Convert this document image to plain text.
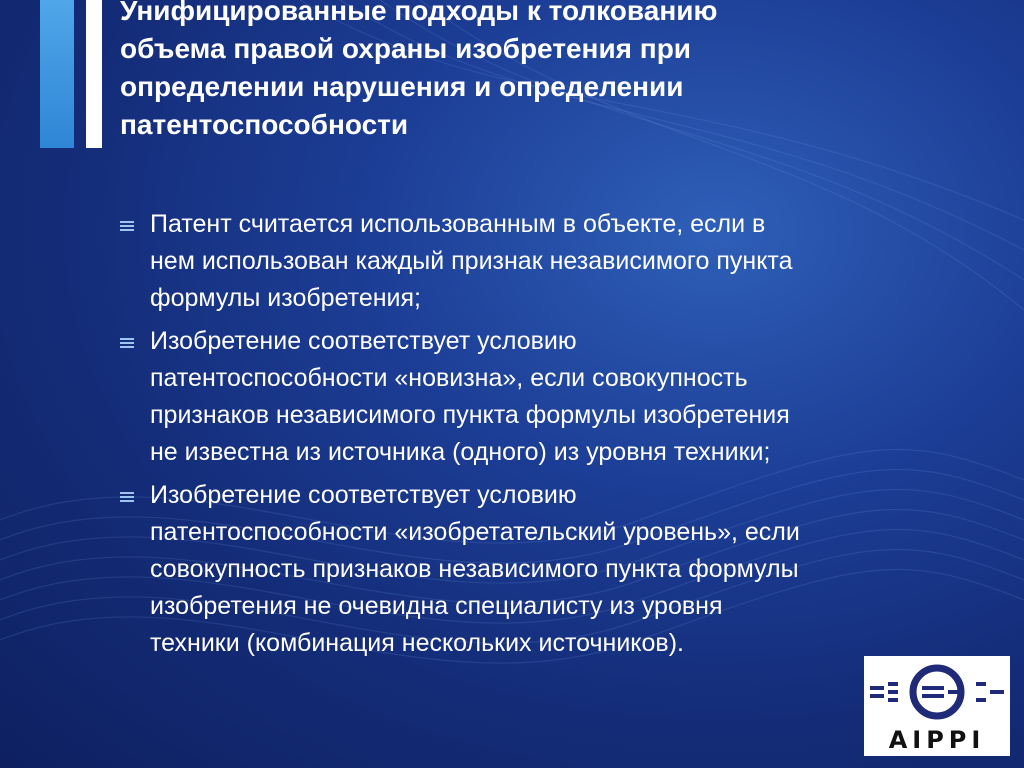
Унифицированные подходы к толкованию
объема правой охраны изобретения при
определении нарушения и определении
патентоспособности
Патент считается использованным в объекте, если в
нем использован каждый признак независимого пункта
формулы изобретения;
Изобретение соответствует условию
патентоспособности «новизна», если совокупность
признаков независимого пункта формулы изобретения
не известна из источника (одного) из уровня техники;
Изобретение соответствует условию
патентоспособности «изобретательский уровень», если
совокупность признаков независимого пункта формулы
изобретения не очевидна специалисту из уровня
техники (комбинация нескольких источников).
AIPPI
